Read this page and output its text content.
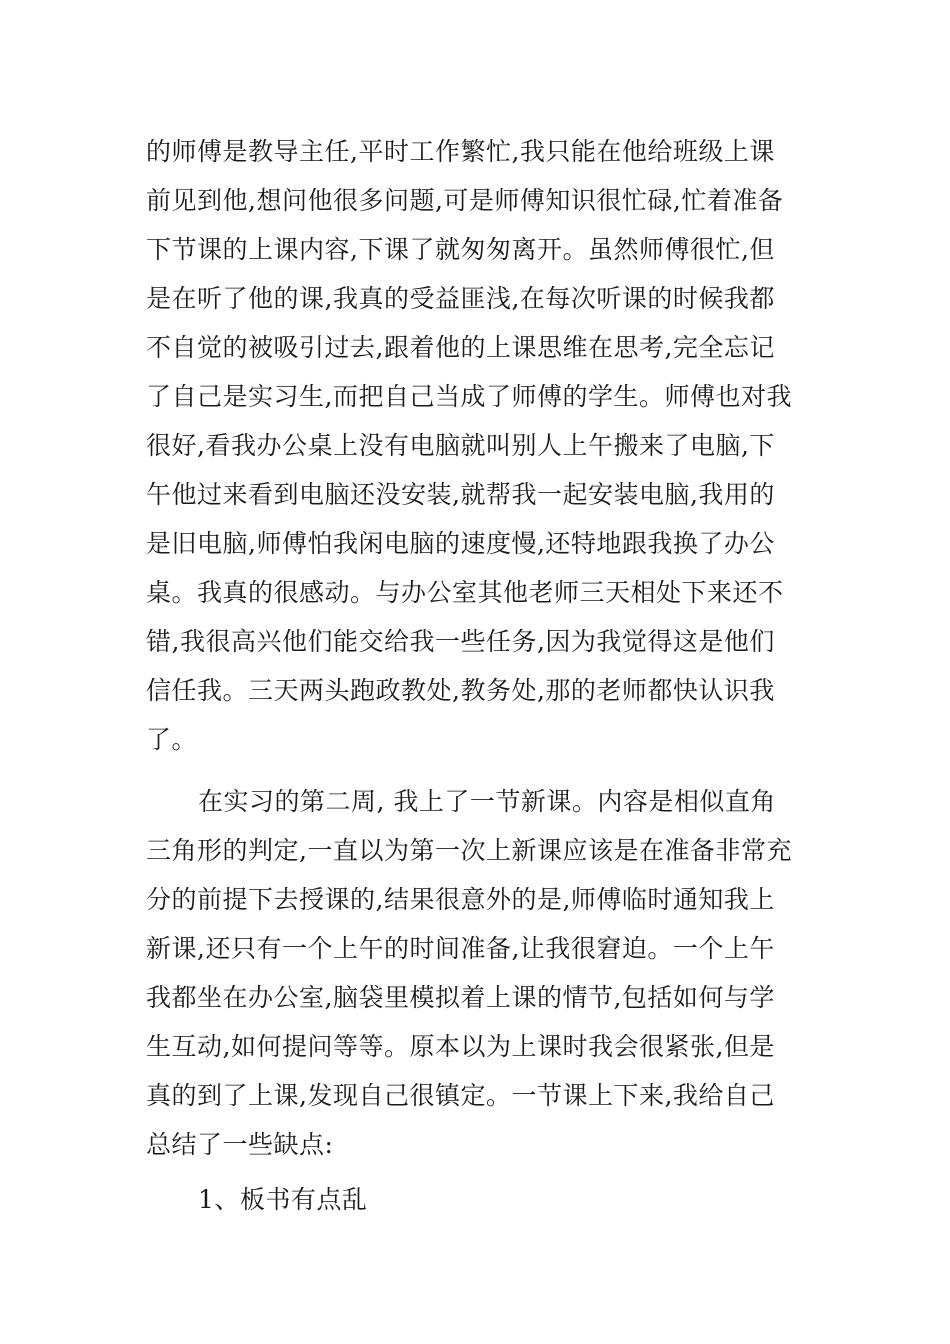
的师傅是教导主任,平时工作繁忙,我只能在他给班级上课
前见到他,想问他很多问题,可是师傅知识很忙碌,忙着准备
下节课的上课内容,下课了就匆匆离开。虽然师傅很忙,但
是在听了他的课,我真的受益匪浅,在每次听课的时候我都
不自觉的被吸引过去,跟着他的上课思维在思考,完全忘记
了自己是实习生,而把自己当成了师傅的学生。师傅也对我
很好,看我办公桌上没有电脑就叫别人上午搬来了电脑,下
午他过来看到电脑还没安装,就帮我一起安装电脑,我用的
是旧电脑,师傅怕我闲电脑的速度慢,还特地跟我换了办公
桌。我真的很感动。与办公室其他老师三天相处下来还不
错,我很高兴他们能交给我一些任务,因为我觉得这是他们
信任我。三天两头跑政教处,教务处,那的老师都快认识我
了。
在实习的第二周, 我上了一节新课。内容是相似直角
三角形的判定,一直以为第一次上新课应该是在准备非常充
分的前提下去授课的,结果很意外的是,师傅临时通知我上
新课,还只有一个上午的时间准备,让我很窘迫。一个上午
我都坐在办公室,脑袋里模拟着上课的情节,包括如何与学
生互动,如何提问等等。原本以为上课时我会很紧张,但是
真的到了上课,发现自己很镇定。一节课上下来,我给自己
总结了一些缺点:
1、板书有点乱
